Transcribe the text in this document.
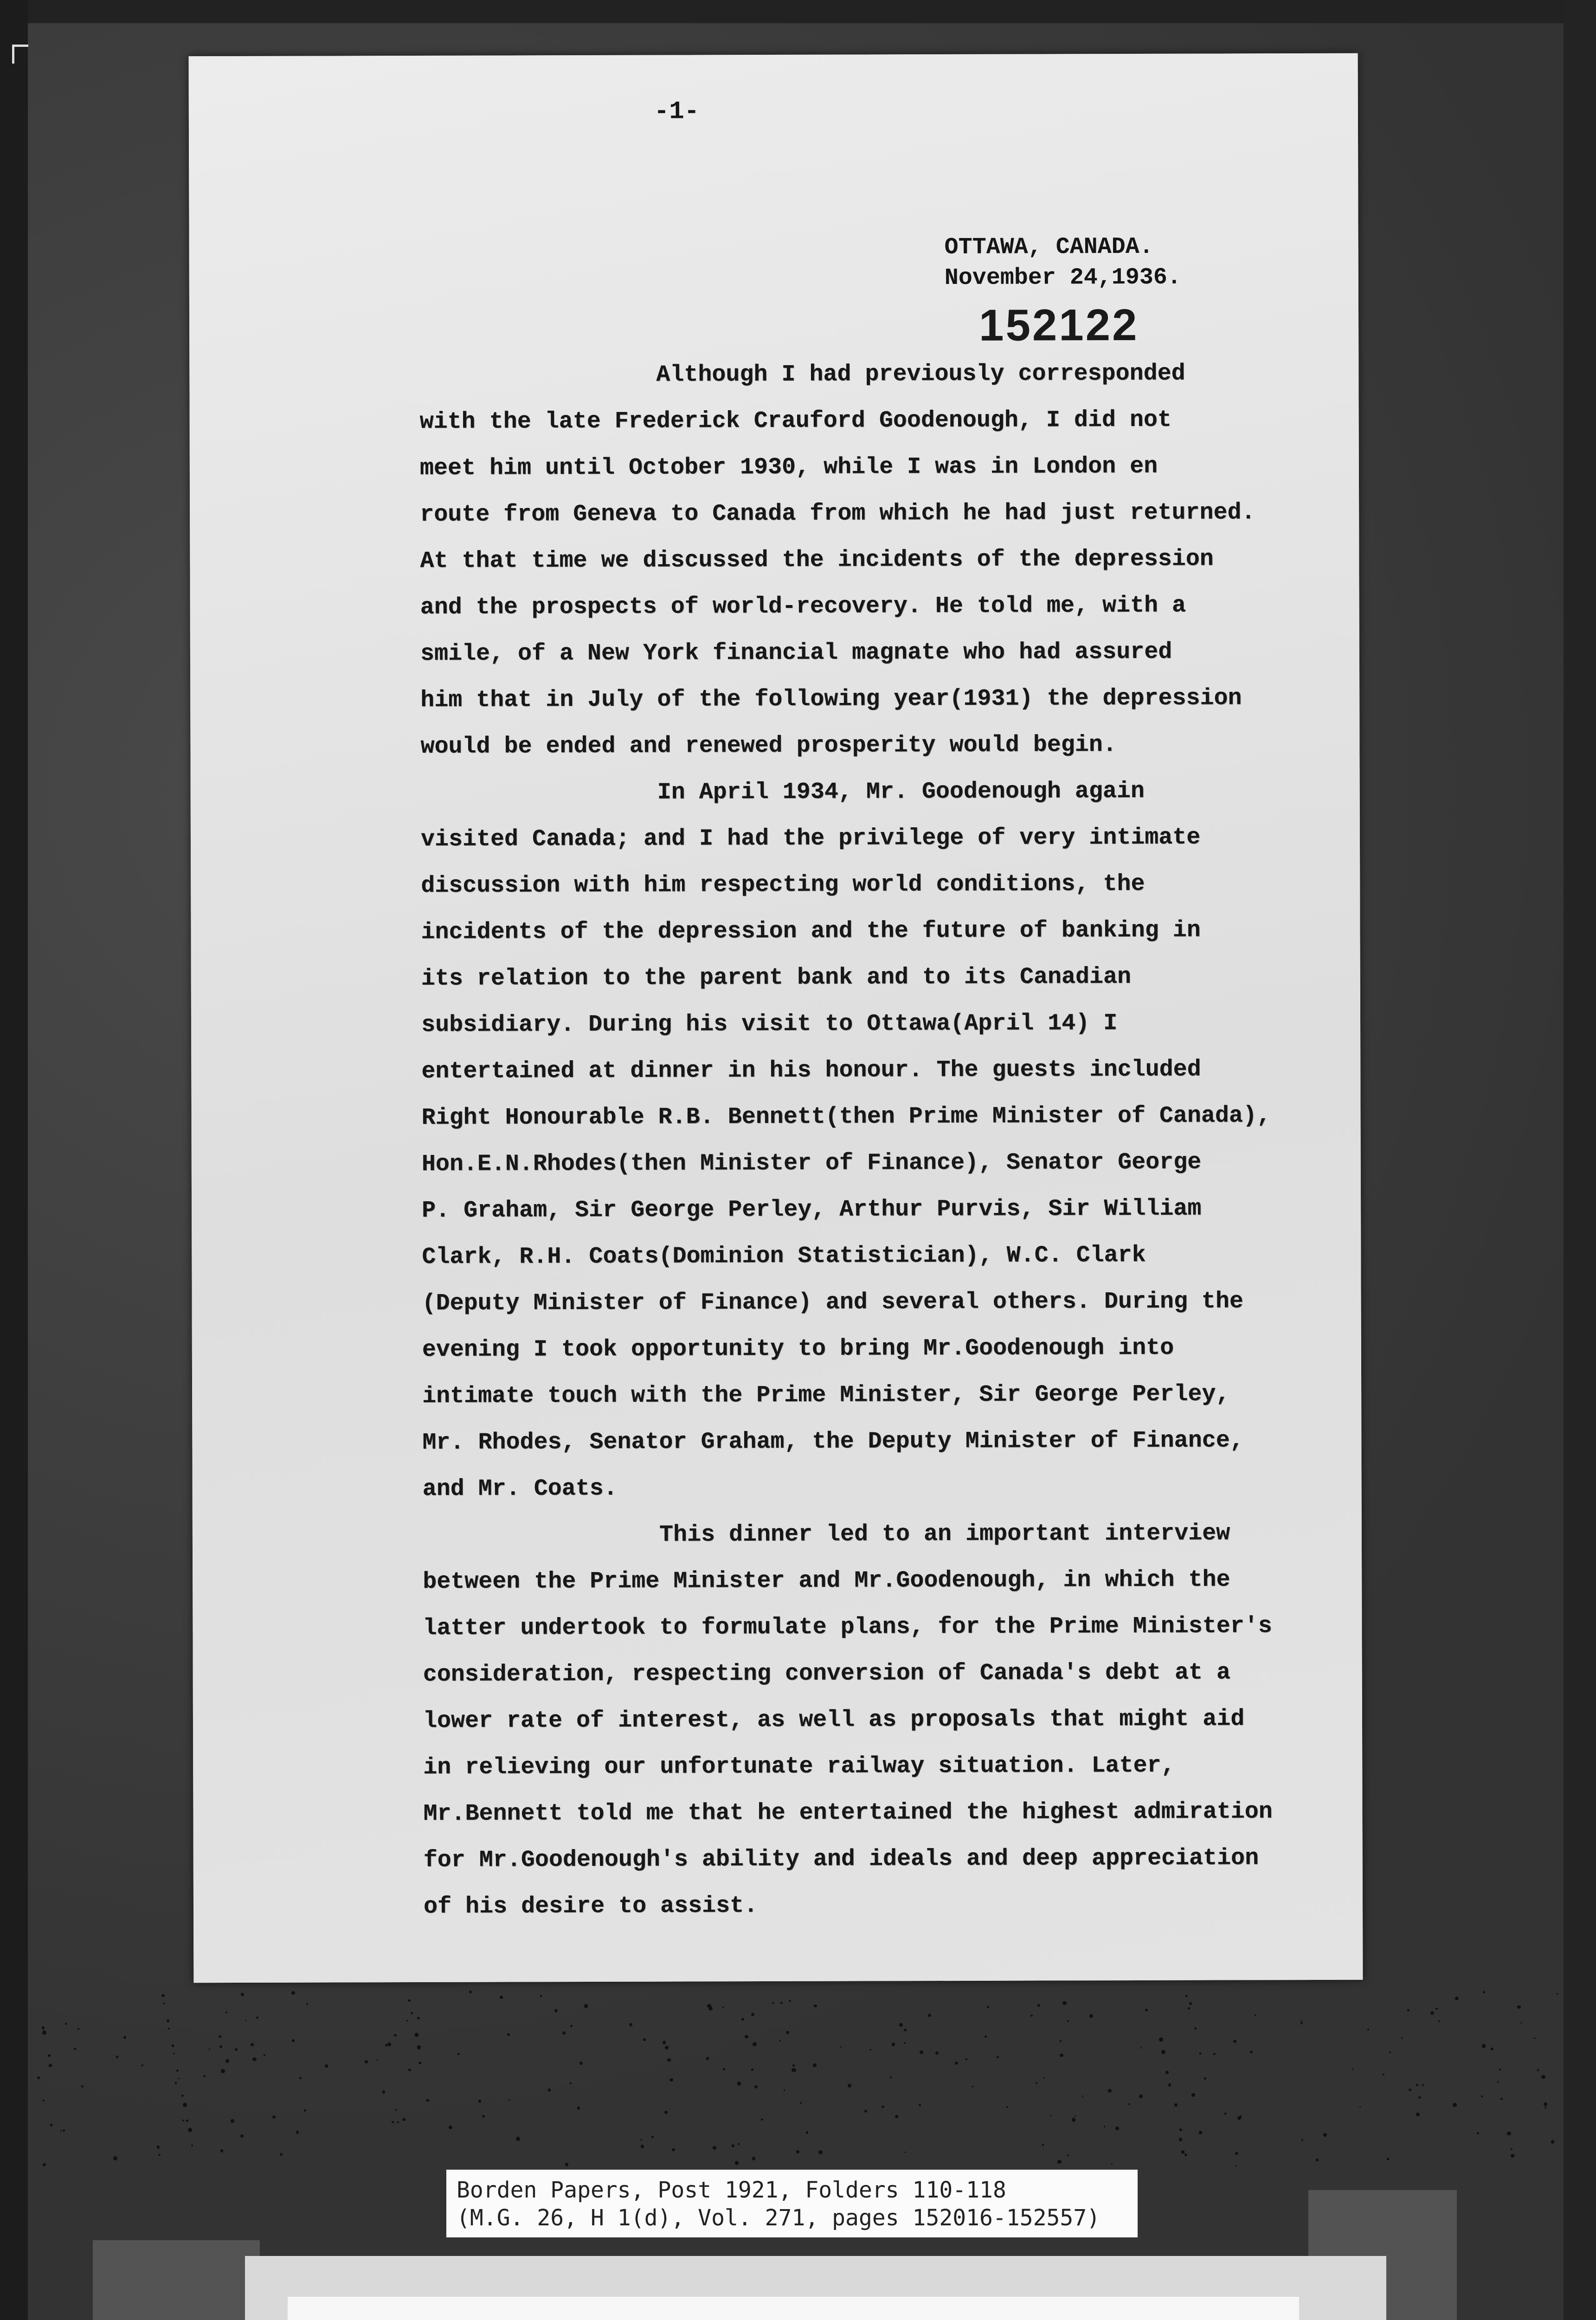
-1-
OTTAWA, CANADA.
November 24,1936.
152122
Although I had previously corresponded
with the late Frederick Crauford Goodenough, I did not
meet him until October 1930, while I was in London en
route from Geneva to Canada from which he had just returned.
At that time we discussed the incidents of the depression
and the prospects of world-recovery. He told me, with a
smile, of a New York financial magnate who had assured
him that in July of the following year(1931) the depression
would be ended and renewed prosperity would begin.
In April 1934, Mr. Goodenough again
visited Canada; and I had the privilege of very intimate
discussion with him respecting world conditions, the
incidents of the depression and the future of banking in
its relation to the parent bank and to its Canadian
subsidiary. During his visit to Ottawa(April 14) I
entertained at dinner in his honour. The guests included
Right Honourable R.B. Bennett(then Prime Minister of Canada),
Hon.E.N.Rhodes(then Minister of Finance), Senator George
P. Graham, Sir George Perley, Arthur Purvis, Sir William
Clark, R.H. Coats(Dominion Statistician), W.C. Clark
(Deputy Minister of Finance) and several others. During the
evening I took opportunity to bring Mr.Goodenough into
intimate touch with the Prime Minister, Sir George Perley,
Mr. Rhodes, Senator Graham, the Deputy Minister of Finance,
and Mr. Coats.
This dinner led to an important interview
between the Prime Minister and Mr.Goodenough, in which the
latter undertook to formulate plans, for the Prime Minister's
consideration, respecting conversion of Canada's debt at a
lower rate of interest, as well as proposals that might aid
in relieving our unfortunate railway situation. Later,
Mr.Bennett told me that he entertained the highest admiration
for Mr.Goodenough's ability and ideals and deep appreciation
of his desire to assist.
Borden Papers, Post 1921, Folders 110-118
(M.G. 26, H 1(d), Vol. 271, pages 152016-152557)
